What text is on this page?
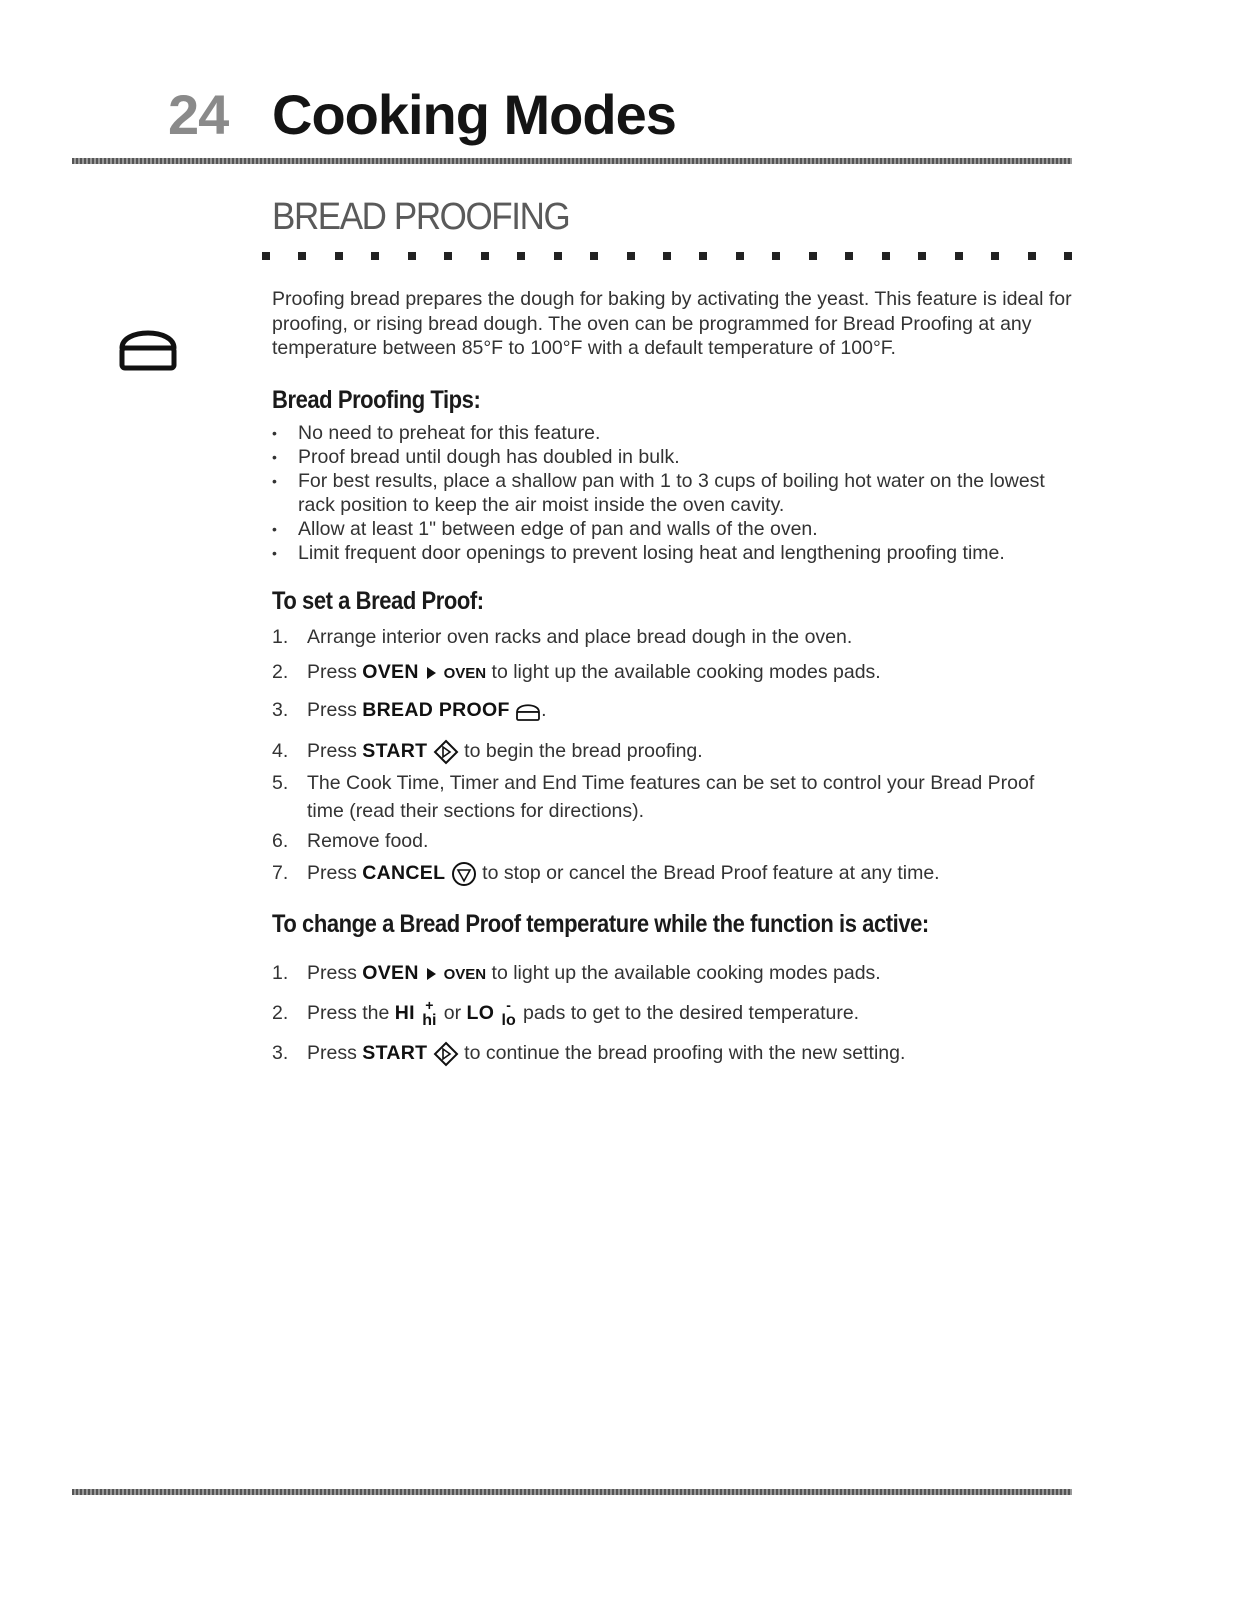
24 Cooking Modes
BREAD PROOFING
Proofing bread prepares the dough for baking by activating the yeast. This feature is ideal for proofing, or rising bread dough. The oven can be programmed for Bread Proofing at any temperature between 85°F to 100°F with a default temperature of 100°F.
Bread Proofing Tips:
• No need to preheat for this feature.
• Proof bread until dough has doubled in bulk.
• For best results, place a shallow pan with 1 to 3 cups of boiling hot water on the lowest rack position to keep the air moist inside the oven cavity.
• Allow at least 1" between edge of pan and walls of the oven.
• Limit frequent door openings to prevent losing heat and lengthening proofing time.
To set a Bread Proof:
1. Arrange interior oven racks and place bread dough in the oven.
2. Press OVEN OVEN to light up the available cooking modes pads.
3. Press BREAD PROOF .
4. Press START to begin the bread proofing.
5. The Cook Time, Timer and End Time features can be set to control your Bread Proof time (read their sections for directions).
6. Remove food.
7. Press CANCEL to stop or cancel the Bread Proof feature at any time.
To change a Bread Proof temperature while the function is active:
1. Press OVEN OVEN to light up the available cooking modes pads.
2. Press the HI +
hi or LO -
lo pads to get to the desired temperature.
3. Press START to continue the bread proofing with the new setting.
